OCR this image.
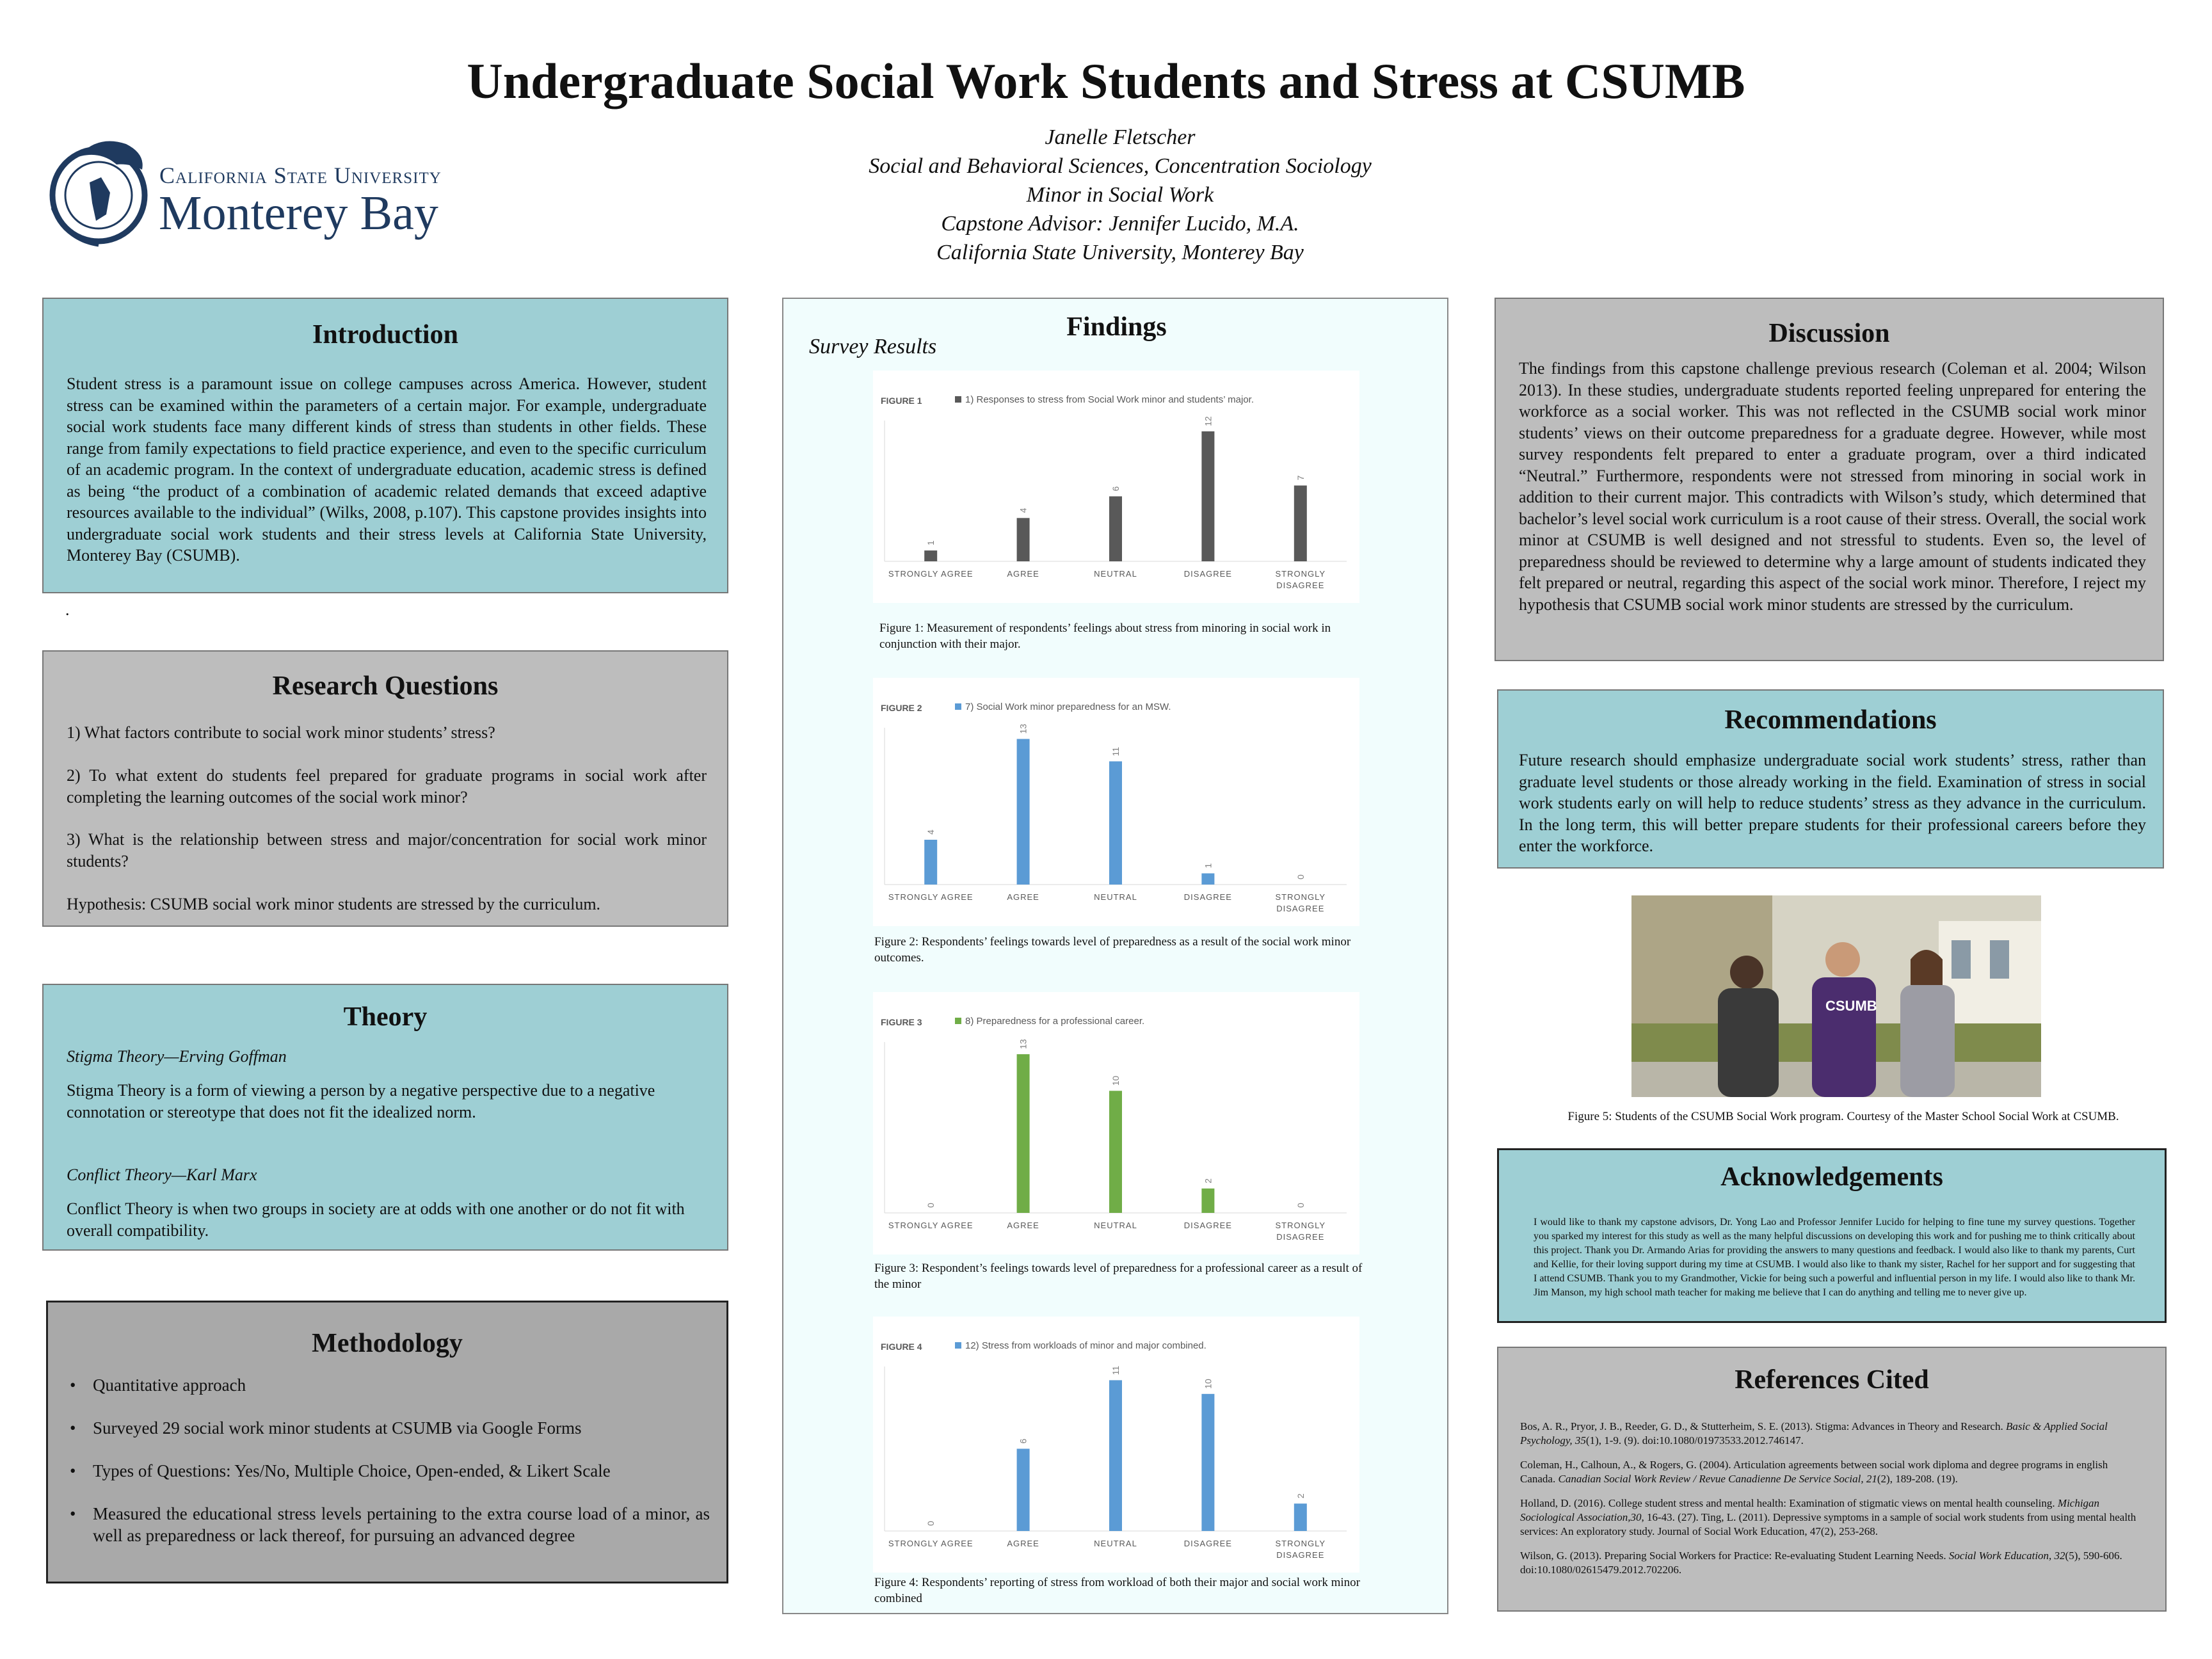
Undergraduate Social Work Students and Stress at CSUMB
California State University
Monterey Bay
Janelle Fletscher
Social and Behavioral Sciences, Concentration Sociology
Minor in Social Work
Capstone Advisor: Jennifer Lucido, M.A.
California State University, Monterey Bay
Introduction
Student stress is a paramount issue on college campuses across America. However, student stress can be examined within the parameters of a certain major. For example, undergraduate social work students face many different kinds of stress than students in other fields. These range from family expectations to field practice experience, and even to the specific curriculum of an academic program. In the context of undergraduate education, academic stress is defined as being “the product of a combination of academic related demands that exceed adaptive resources available to the individual” (Wilks, 2008, p.107). This capstone provides insights into undergraduate social work students and their stress levels at California State University, Monterey Bay (CSUMB).
.
Research Questions
1) What factors contribute to social work minor students’ stress?
2) To what extent do students feel prepared for graduate programs in social work after completing the learning outcomes of the social work minor?
3) What is the relationship between stress and major/concentration for social work minor students?
Hypothesis: CSUMB social work minor students are stressed by the curriculum.
Theory
Stigma Theory—Erving Goffman
Stigma Theory is a form of viewing a person by a negative perspective due to a negative connotation or stereotype that does not fit the idealized norm.
Conflict Theory—Karl Marx
Conflict Theory is when two groups in society are at odds with one another or do not fit with overall compatibility.
Methodology
• Quantitative approach
• Surveyed 29 social work minor students at CSUMB via Google Forms
• Types of Questions: Yes/No, Multiple Choice, Open-ended, & Likert Scale
• Measured the educational stress levels pertaining to the extra course load of a minor, as well as preparedness or lack thereof, for pursuing an advanced degree
Findings
Survey Results
FIGURE 1	1) Responses to stress from Social Work minor and students’ major.
1
STRONGLY AGREE
4
AGREE
6
NEUTRAL
12
DISAGREE
7
STRONGLY
DISAGREE
Figure 1: Measurement of respondents’ feelings about stress from minoring in social work in conjunction with their major.
FIGURE 2	7) Social Work minor preparedness for an MSW.
4
STRONGLY AGREE
13
AGREE
11
NEUTRAL
1
DISAGREE
0
STRONGLY
DISAGREE
Figure 2: Respondents’ feelings towards level of preparedness as a result of the social work minor outcomes.
FIGURE 3	8) Preparedness for a professional career.
0
STRONGLY AGREE
13
AGREE
10
NEUTRAL
2
DISAGREE
0
STRONGLY
DISAGREE
Figure 3: Respondent’s feelings towards level of preparedness for a professional career as a result of the minor
FIGURE 4	12) Stress from workloads of minor and major combined.
0
STRONGLY AGREE
6
AGREE
11
NEUTRAL
10
DISAGREE
2
STRONGLY
DISAGREE
Figure 4: Respondents’ reporting of stress from workload of both their major and social work minor combined
Discussion
The findings from this capstone challenge previous research (Coleman et al. 2004; Wilson 2013). In these studies, undergraduate students reported feeling unprepared for entering the workforce as a social worker. This was not reflected in the CSUMB social work minor students’ views on their outcome preparedness for a graduate degree. However, while most survey respondents felt prepared to enter a graduate program, over a third indicated “Neutral.” Furthermore, respondents were not stressed from minoring in social work in addition to their current major. This contradicts with Wilson’s study, which determined that bachelor’s level social work curriculum is a root cause of their stress. Overall, the social work minor at CSUMB is well designed and not stressful to students. Even so, the level of preparedness should be reviewed to determine why a large amount of students indicated they felt prepared or neutral, regarding this aspect of the social work minor. Therefore, I reject my hypothesis that CSUMB social work minor students are stressed by the curriculum.
Recommendations
Future research should emphasize undergraduate social work students’ stress, rather than graduate level students or those already working in the field. Examination of stress in social work students early on will help to reduce students’ stress as they advance in the curriculum. In the long term, this will better prepare students for their professional careers before they enter the workforce.
CSUMB
Figure 5: Students of the CSUMB Social Work program. Courtesy of the Master School Social Work at CSUMB.
Acknowledgements
I would like to thank my capstone advisors, Dr. Yong Lao and Professor Jennifer Lucido for helping to fine tune my survey questions. Together you sparked my interest for this study as well as the many helpful discussions on developing this work and for pushing me to think critically about this project. Thank you Dr. Armando Arias for providing the answers to many questions and feedback. I would also like to thank my parents, Curt and Kellie, for their loving support during my time at CSUMB. I would also like to thank my sister, Rachel for her support and for suggesting that I attend CSUMB. Thank you to my Grandmother, Vickie for being such a powerful and influential person in my life. I would also like to thank Mr. Jim Manson, my high school math teacher for making me believe that I can do anything and telling me to never give up.
References Cited

Bos, A. R., Pryor, J. B., Reeder, G. D., & Stutterheim, S. E. (2013). Stigma: Advances in Theory and Research. Basic & Applied Social Psychology, 35(1), 1-9. (9). doi:10.1080/01973533.2012.746147.

Coleman, H., Calhoun, A., & Rogers, G. (2004). Articulation agreements between social work diploma and degree programs in english Canada. Canadian Social Work Review / Revue Canadienne De Service Social, 21(2), 189-208. (19).

Holland, D. (2016). College student stress and mental health: Examination of stigmatic views on mental health counseling. Michigan Sociological Association,30, 16-43. (27). Ting, L. (2011). Depressive symptoms in a sample of social work students from using mental health services: An exploratory study. Journal of Social Work Education, 47(2), 253-268.

Wilson, G. (2013). Preparing Social Workers for Practice: Re-evaluating Student Learning Needs. Social Work Education, 32(5), 590-606. doi:10.1080/02615479.2012.702206.
